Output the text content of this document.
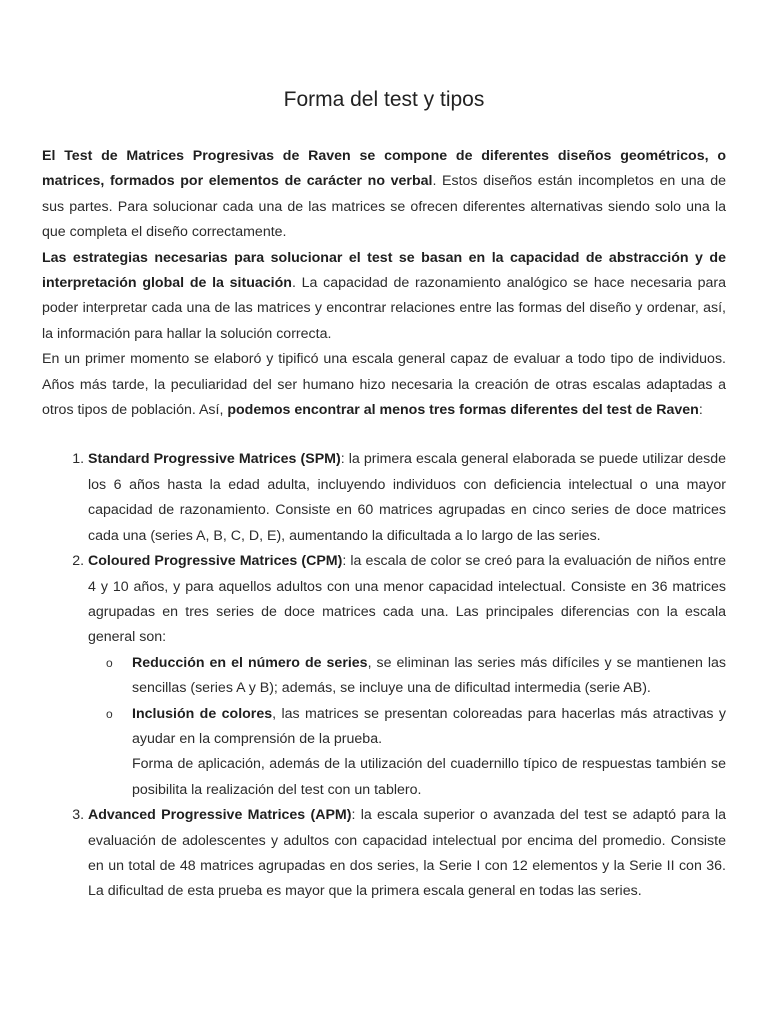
Forma del test y tipos

El Test de Matrices Progresivas de Raven se compone de diferentes diseños geométricos, o matrices, formados por elementos de carácter no verbal. Estos diseños están incompletos en una de sus partes. Para solucionar cada una de las matrices se ofrecen diferentes alternativas siendo solo una la que completa el diseño correctamente.

Las estrategias necesarias para solucionar el test se basan en la capacidad de abstracción y de interpretación global de la situación. La capacidad de razonamiento analógico se hace necesaria para poder interpretar cada una de las matrices y encontrar relaciones entre las formas del diseño y ordenar, así, la información para hallar la solución correcta.

En un primer momento se elaboró y tipificó una escala general capaz de evaluar a todo tipo de individuos. Años más tarde, la peculiaridad del ser humano hizo necesaria la creación de otras escalas adaptadas a otros tipos de población. Así, podemos encontrar al menos tres formas diferentes del test de Raven:

1. Standard Progressive Matrices (SPM): la primera escala general elaborada se puede utilizar desde los 6 años hasta la edad adulta, incluyendo individuos con deficiencia intelectual o una mayor capacidad de razonamiento. Consiste en 60 matrices agrupadas en cinco series de doce matrices cada una (series A, B, C, D, E), aumentando la dificultada a lo largo de las series.
2. Coloured Progressive Matrices (CPM): la escala de color se creó para la evaluación de niños entre 4 y 10 años, y para aquellos adultos con una menor capacidad intelectual. Consiste en 36 matrices agrupadas en tres series de doce matrices cada una. Las principales diferencias con la escala general son:
o Reducción en el número de series, se eliminan las series más difíciles y se mantienen las sencillas (series A y B); además, se incluye una de dificultad intermedia (serie AB).
o Inclusión de colores, las matrices se presentan coloreadas para hacerlas más atractivas y ayudar en la comprensión de la prueba.
Forma de aplicación, además de la utilización del cuadernillo típico de respuestas también se posibilita la realización del test con un tablero.
3. Advanced Progressive Matrices (APM): la escala superior o avanzada del test se adaptó para la evaluación de adolescentes y adultos con capacidad intelectual por encima del promedio. Consiste en un total de 48 matrices agrupadas en dos series, la Serie I con 12 elementos y la Serie II con 36. La dificultad de esta prueba es mayor que la primera escala general en todas las series.
